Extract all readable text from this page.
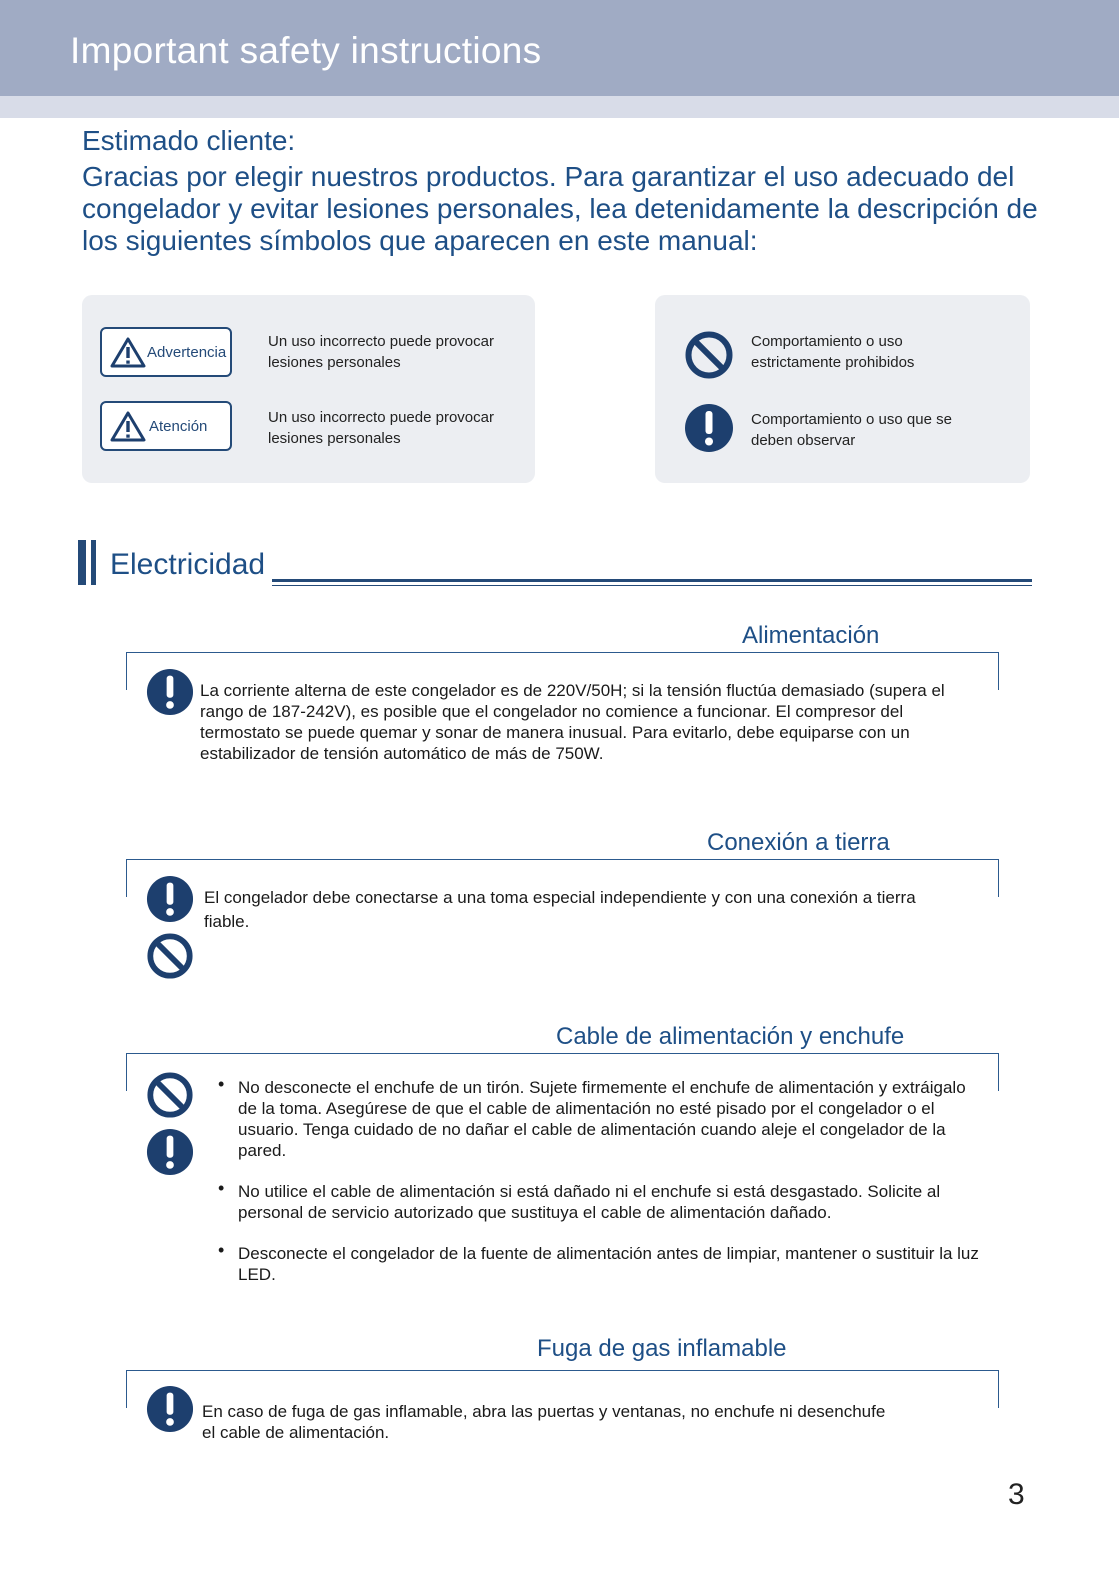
Important safety instructions
Estimado cliente:
Gracias por elegir nuestros productos. Para garantizar el uso adecuado del congelador y evitar lesiones personales, lea detenidamente la descripción de los siguientes símbolos que aparecen en este manual:
Advertencia
Un uso incorrecto puede provocar lesiones personales
Atención	Un uso incorrecto puede provocar lesiones personales
Comportamiento o uso estrictamente prohibidos
Comportamiento o uso que se deben observar
Electricidad
Alimentación
La corriente alterna de este congelador es de 220V/50H; si la tensión fluctúa demasiado (supera el rango de 187-242V), es posible que el congelador no comience a funcionar. El compresor del termostato se puede quemar y sonar de manera inusual. Para evitarlo, debe equiparse con un estabilizador de tensión automático de más de 750W.
Conexión a tierra
El congelador debe conectarse a una toma especial independiente y con una conexión a tierra fiable.
Cable de alimentación y enchufe
• No desconecte el enchufe de un tirón. Sujete firmemente el enchufe de alimentación y extráigalo de la toma. Asegúrese de que el cable de alimentación no esté pisado por el congelador o el usuario. Tenga cuidado de no dañar el cable de alimentación cuando aleje el congelador de la pared.
• No utilice el cable de alimentación si está dañado ni el enchufe si está desgastado. Solicite al personal de servicio autorizado que sustituya el cable de alimentación dañado.
• Desconecte el congelador de la fuente de alimentación antes de limpiar, mantener o sustituir la luz LED.
Fuga de gas inflamable
En caso de fuga de gas inflamable, abra las puertas y ventanas, no enchufe ni desenchufe el cable de alimentación.
3
